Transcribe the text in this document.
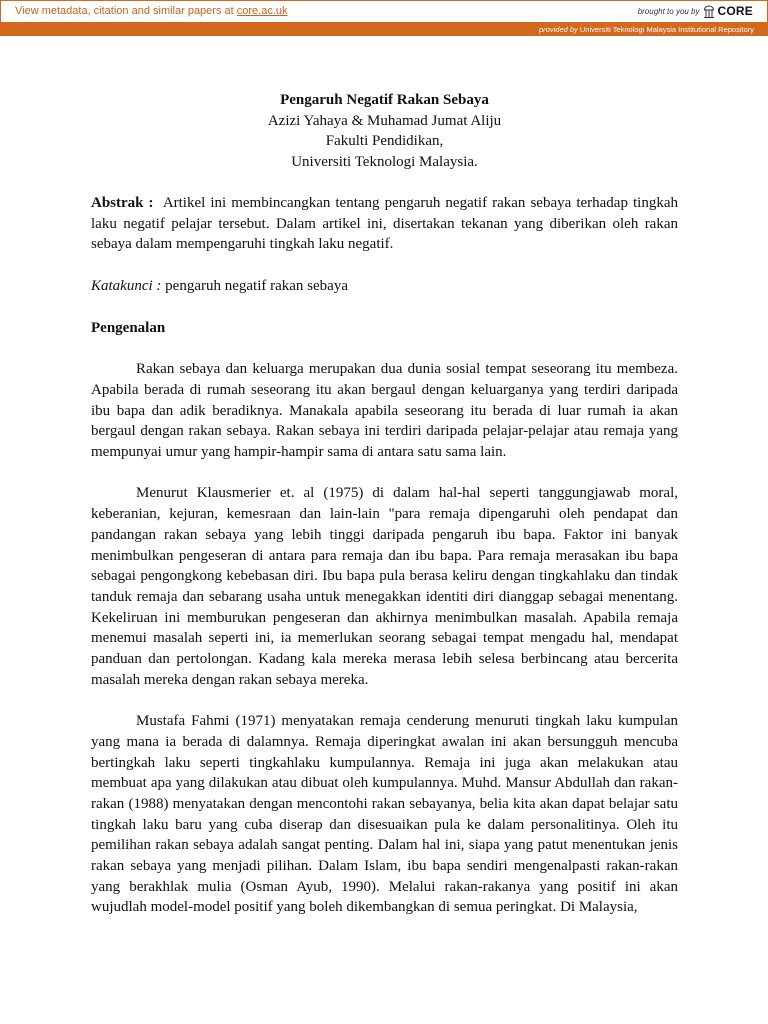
View metadata, citation and similar papers at core.ac.uk	brought to you by CORE
provided by Universiti Teknologi Malaysia Institutional Repository
Pengaruh Negatif Rakan Sebaya
Azizi Yahaya & Muhamad Jumat Aliju
Fakulti Pendidikan,
Universiti Teknologi Malaysia.

Abstrak : Artikel ini membincangkan tentang pengaruh negatif rakan sebaya terhadap tingkah laku negatif pelajar tersebut. Dalam artikel ini, disertakan tekanan yang diberikan oleh rakan sebaya dalam mempengaruhi tingkah laku negatif.

Katakunci : pengaruh negatif rakan sebaya

Pengenalan

Rakan sebaya dan keluarga merupakan dua dunia sosial tempat seseorang itu membeza. Apabila berada di rumah seseorang itu akan bergaul dengan keluarganya yang terdiri daripada ibu bapa dan adik beradiknya. Manakala apabila seseorang itu berada di luar rumah ia akan bergaul dengan rakan sebaya. Rakan sebaya ini terdiri daripada pelajar-pelajar atau remaja yang mempunyai umur yang hampir-hampir sama di antara satu sama lain.

Menurut Klausmerier et. al (1975) di dalam hal-hal seperti tanggungjawab moral, keberanian, kejuran, kemesraan dan lain-lain "para remaja dipengaruhi oleh pendapat dan pandangan rakan sebaya yang lebih tinggi daripada pengaruh ibu bapa. Faktor ini banyak menimbulkan pengeseran di antara para remaja dan ibu bapa. Para remaja merasakan ibu bapa sebagai pengongkong kebebasan diri. Ibu bapa pula berasa keliru dengan tingkahlaku dan tindak tanduk remaja dan sebarang usaha untuk menegakkan identiti diri dianggap sebagai menentang. Kekeliruan ini memburukan pengeseran dan akhirnya menimbulkan masalah. Apabila remaja menemui masalah seperti ini, ia memerlukan seorang sebagai tempat mengadu hal, mendapat panduan dan pertolongan. Kadang kala mereka merasa lebih selesa berbincang atau bercerita masalah mereka dengan rakan sebaya mereka.

Mustafa Fahmi (1971) menyatakan remaja cenderung menuruti tingkah laku kumpulan yang mana ia berada di dalamnya. Remaja diperingkat awalan ini akan bersungguh mencuba bertingkah laku seperti tingkahlaku kumpulannya. Remaja ini juga akan melakukan atau membuat apa yang dilakukan atau dibuat oleh kumpulannya. Muhd. Mansur Abdullah dan rakan-rakan (1988) menyatakan dengan mencontohi rakan sebayanya, belia kita akan dapat belajar satu tingkah laku baru yang cuba diserap dan disesuaikan pula ke dalam personalitinya. Oleh itu pemilihan rakan sebaya adalah sangat penting. Dalam hal ini, siapa yang patut menentukan jenis rakan sebaya yang menjadi pilihan. Dalam Islam, ibu bapa sendiri mengenalpasti rakan-rakan yang berakhlak mulia (Osman Ayub, 1990). Melalui rakan-rakanya yang positif ini akan wujudlah model-model positif yang boleh dikembangkan di semua peringkat. Di Malaysia,
